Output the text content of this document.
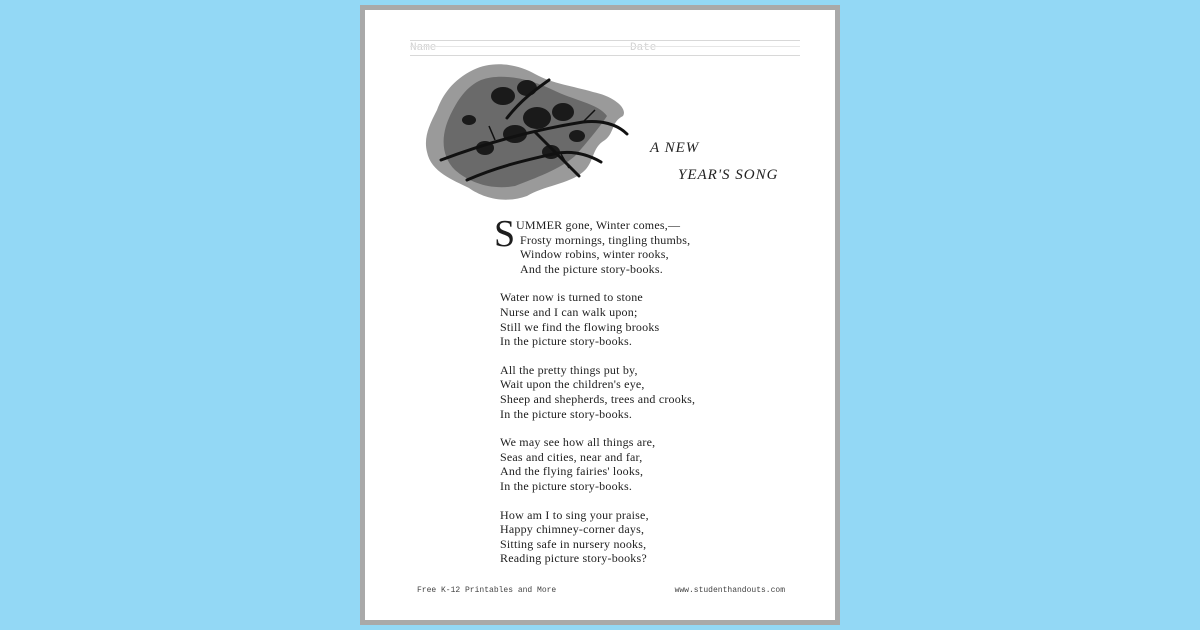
Name	Date
A NEW
YEAR'S SONG
S UMMER gone, Winter comes,—
Frosty mornings, tingling thumbs,
Window robins, winter rooks,
And the picture story-books.
Water now is turned to stone
Nurse and I can walk upon;
Still we find the flowing brooks
In the picture story-books.
All the pretty things put by,
Wait upon the children's eye,
Sheep and shepherds, trees and crooks,
In the picture story-books.
We may see how all things are,
Seas and cities, near and far,
And the flying fairies' looks,
In the picture story-books.
How am I to sing your praise,
Happy chimney-corner days,
Sitting safe in nursery nooks,
Reading picture story-books?
Free K-12 Printables and More	www.studenthandouts.com
